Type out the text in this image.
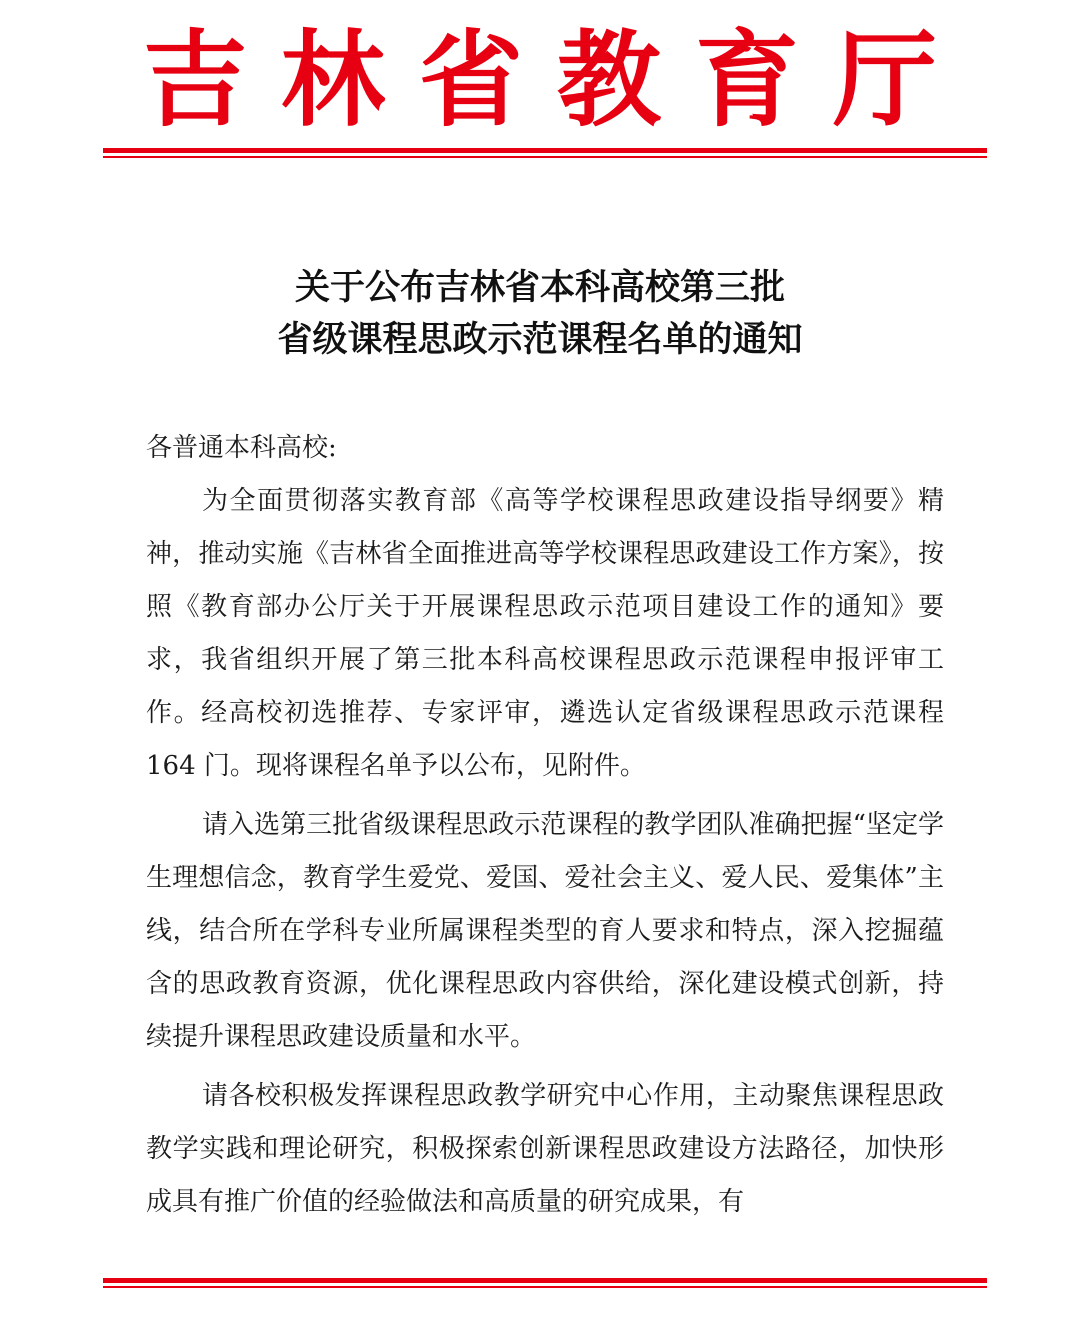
吉林省教育厅
关于公布吉林省本科高校第三批
省级课程思政示范课程名单的通知

各普通本科高校:

为全面贯彻落实教育部《高等学校课程思政建设指导纲要》精神，推动实施《吉林省全面推进高等学校课程思政建设工作方案》，按照《教育部办公厅关于开展课程思政示范项目建设工作的通知》要求，我省组织开展了第三批本科高校课程思政示范课程申报评审工作。经高校初选推荐、专家评审，遴选认定省级课程思政示范课程 164 门。现将课程名单予以公布，见附件。

请入选第三批省级课程思政示范课程的教学团队准确把握“坚定学生理想信念，教育学生爱党、爱国、爱社会主义、爱人民、爱集体”主线，结合所在学科专业所属课程类型的育人要求和特点，深入挖掘蕴含的思政教育资源，优化课程思政内容供给，深化建设模式创新，持续提升课程思政建设质量和水平。

请各校积极发挥课程思政教学研究中心作用，主动聚焦课程思政教学实践和理论研究，积极探索创新课程思政建设方法路径，加快形成具有推广价值的经验做法和高质量的研究成果，有
